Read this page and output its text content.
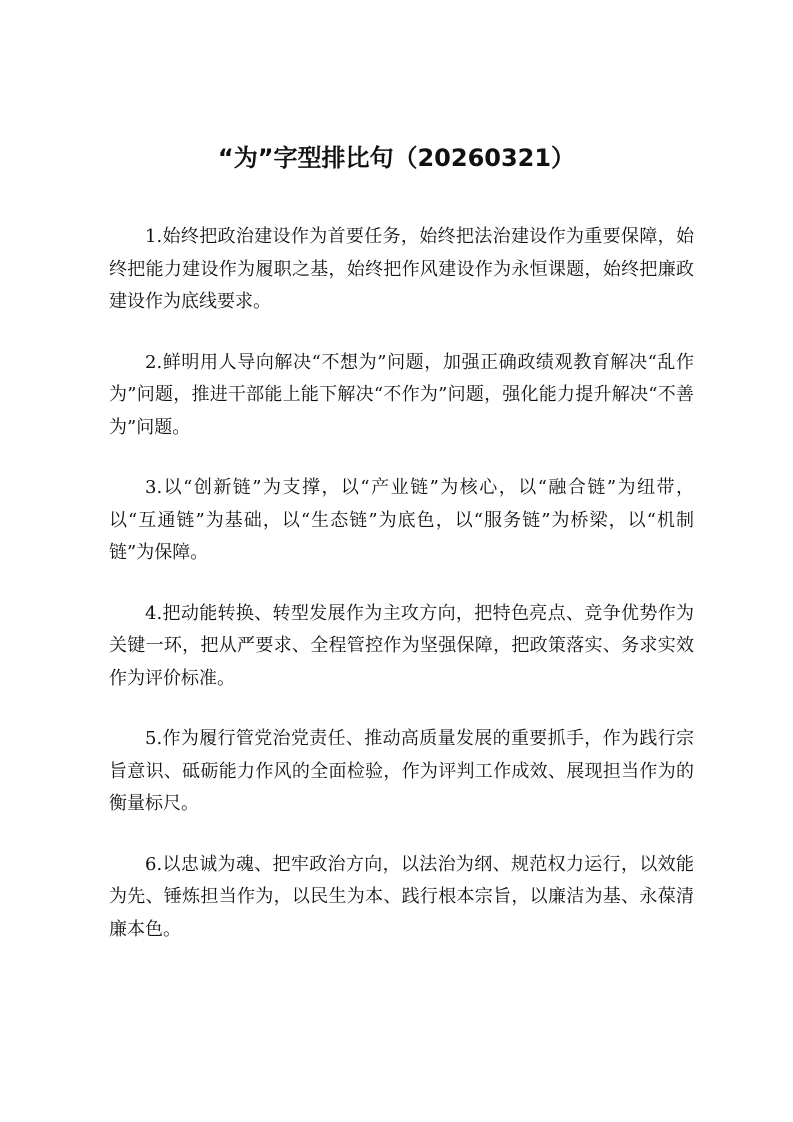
“为”字型排比句（20260321）

1.始终把政治建设作为首要任务，始终把法治建设作为重要保障，始终把能力建设作为履职之基，始终把作风建设作为永恒课题，始终把廉政建设作为底线要求。

2.鲜明用人导向解决“不想为”问题，加强正确政绩观教育解决“乱作为”问题，推进干部能上能下解决“不作为”问题，强化能力提升解决“不善为”问题。

3.以“创新链”为支撑，以“产业链”为核心，以“融合链”为纽带，以“互通链”为基础，以“生态链”为底色，以“服务链”为桥梁，以“机制链”为保障。

4.把动能转换、转型发展作为主攻方向，把特色亮点、竞争优势作为关键一环，把从严要求、全程管控作为坚强保障，把政策落实、务求实效作为评价标准。

5.作为履行管党治党责任、推动高质量发展的重要抓手，作为践行宗旨意识、砥砺能力作风的全面检验，作为评判工作成效、展现担当作为的衡量标尺。

6.以忠诚为魂、把牢政治方向，以法治为纲、规范权力运行，以效能为先、锤炼担当作为，以民生为本、践行根本宗旨，以廉洁为基、永葆清廉本色。
